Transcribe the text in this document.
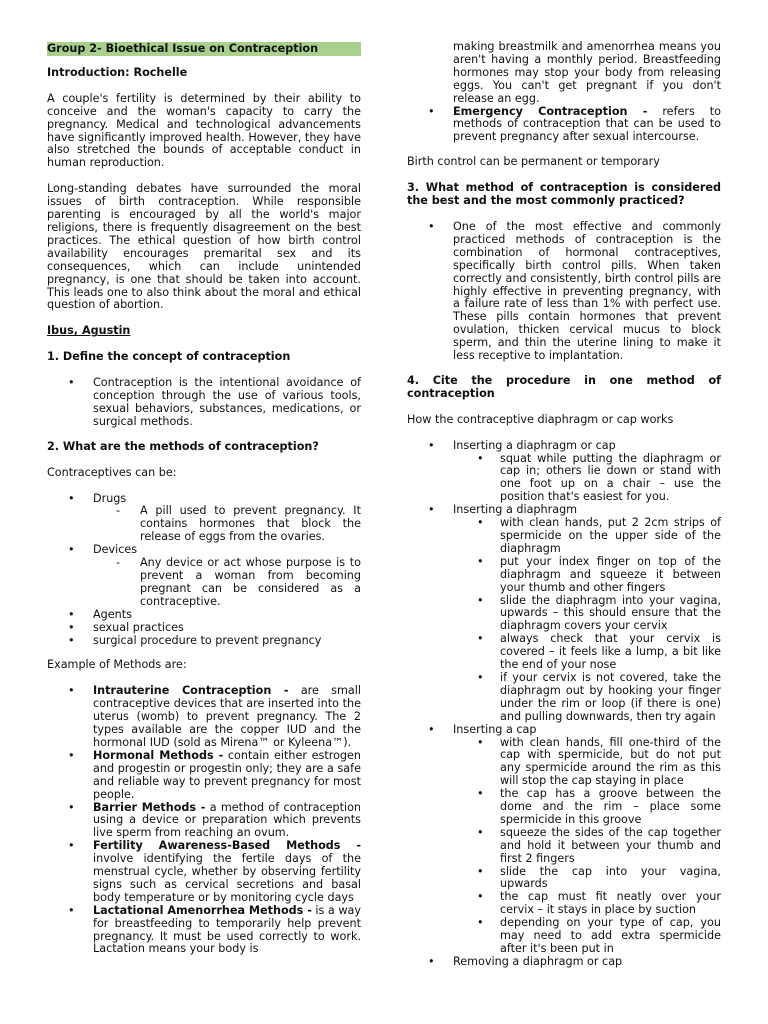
Group 2- Bioethical Issue on Contraception

Introduction: Rochelle

A couple's fertility is determined by their ability to conceive and the woman's capacity to carry the pregnancy. Medical and technological advancements have significantly improved health. However, they have also stretched the bounds of acceptable conduct in human reproduction.

Long-standing debates have surrounded the moral issues of birth contraception. While responsible parenting is encouraged by all the world's major religions, there is frequently disagreement on the best practices. The ethical question of how birth control availability encourages premarital sex and its consequences, which can include unintended pregnancy, is one that should be taken into account. This leads one to also think about the moral and ethical question of abortion.

Ibus, Agustin

1. Define the concept of contraception

• Contraception is the intentional avoidance of conception through the use of various tools, sexual behaviors, substances, medications, or surgical methods.

2. What are the methods of contraception?

Contraceptives can be:

• Drugs
- A pill used to prevent pregnancy. It contains hormones that block the release of eggs from the ovaries.
• Devices
- Any device or act whose purpose is to prevent a woman from becoming pregnant can be considered as a contraceptive.
• Agents
• sexual practices
• surgical procedure to prevent pregnancy

Example of Methods are:

• Intrauterine Contraception - are small contraceptive devices that are inserted into the uterus (womb) to prevent pregnancy. The 2 types available are the copper IUD and the hormonal IUD (sold as Mirena™ or Kyleena™).
• Hormonal Methods - contain either estrogen and progestin or progestin only; they are a safe and reliable way to prevent pregnancy for most people.
• Barrier Methods - a method of contraception using a device or preparation which prevents live sperm from reaching an ovum.
• Fertility Awareness-Based Methods - involve identifying the fertile days of the menstrual cycle, whether by observing fertility signs such as cervical secretions and basal body temperature or by monitoring cycle days
• Lactational Amenorrhea Methods - is a way for breastfeeding to temporarily help prevent pregnancy. It must be used correctly to work. Lactation means your body is
making breastmilk and amenorrhea means you aren't having a monthly period. Breastfeeding hormones may stop your body from releasing eggs. You can't get pregnant if you don't release an egg.
• Emergency Contraception - refers to methods of contraception that can be used to prevent pregnancy after sexual intercourse.

Birth control can be permanent or temporary

3. What method of contraception is considered the best and the most commonly practiced?

• One of the most effective and commonly practiced methods of contraception is the combination of hormonal contraceptives, specifically birth control pills. When taken correctly and consistently, birth control pills are highly effective in preventing pregnancy, with a failure rate of less than 1% with perfect use. These pills contain hormones that prevent ovulation, thicken cervical mucus to block sperm, and thin the uterine lining to make it less receptive to implantation.

4. Cite the procedure in one method of contraception

How the contraceptive diaphragm or cap works

• Inserting a diaphragm or cap
• squat while putting the diaphragm or cap in; others lie down or stand with one foot up on a chair – use the position that's easiest for you.
• Inserting a diaphragm
• with clean hands, put 2 2cm strips of spermicide on the upper side of the diaphragm
• put your index finger on top of the diaphragm and squeeze it between your thumb and other fingers
• slide the diaphragm into your vagina, upwards – this should ensure that the diaphragm covers your cervix
• always check that your cervix is covered – it feels like a lump, a bit like the end of your nose
• if your cervix is not covered, take the diaphragm out by hooking your finger under the rim or loop (if there is one) and pulling downwards, then try again
• Inserting a cap
• with clean hands, fill one-third of the cap with spermicide, but do not put any spermicide around the rim as this will stop the cap staying in place
• the cap has a groove between the dome and the rim – place some spermicide in this groove
• squeeze the sides of the cap together and hold it between your thumb and first 2 fingers
• slide the cap into your vagina, upwards
• the cap must fit neatly over your cervix – it stays in place by suction
• depending on your type of cap, you may need to add extra spermicide after it's been put in
• Removing a diaphragm or cap
